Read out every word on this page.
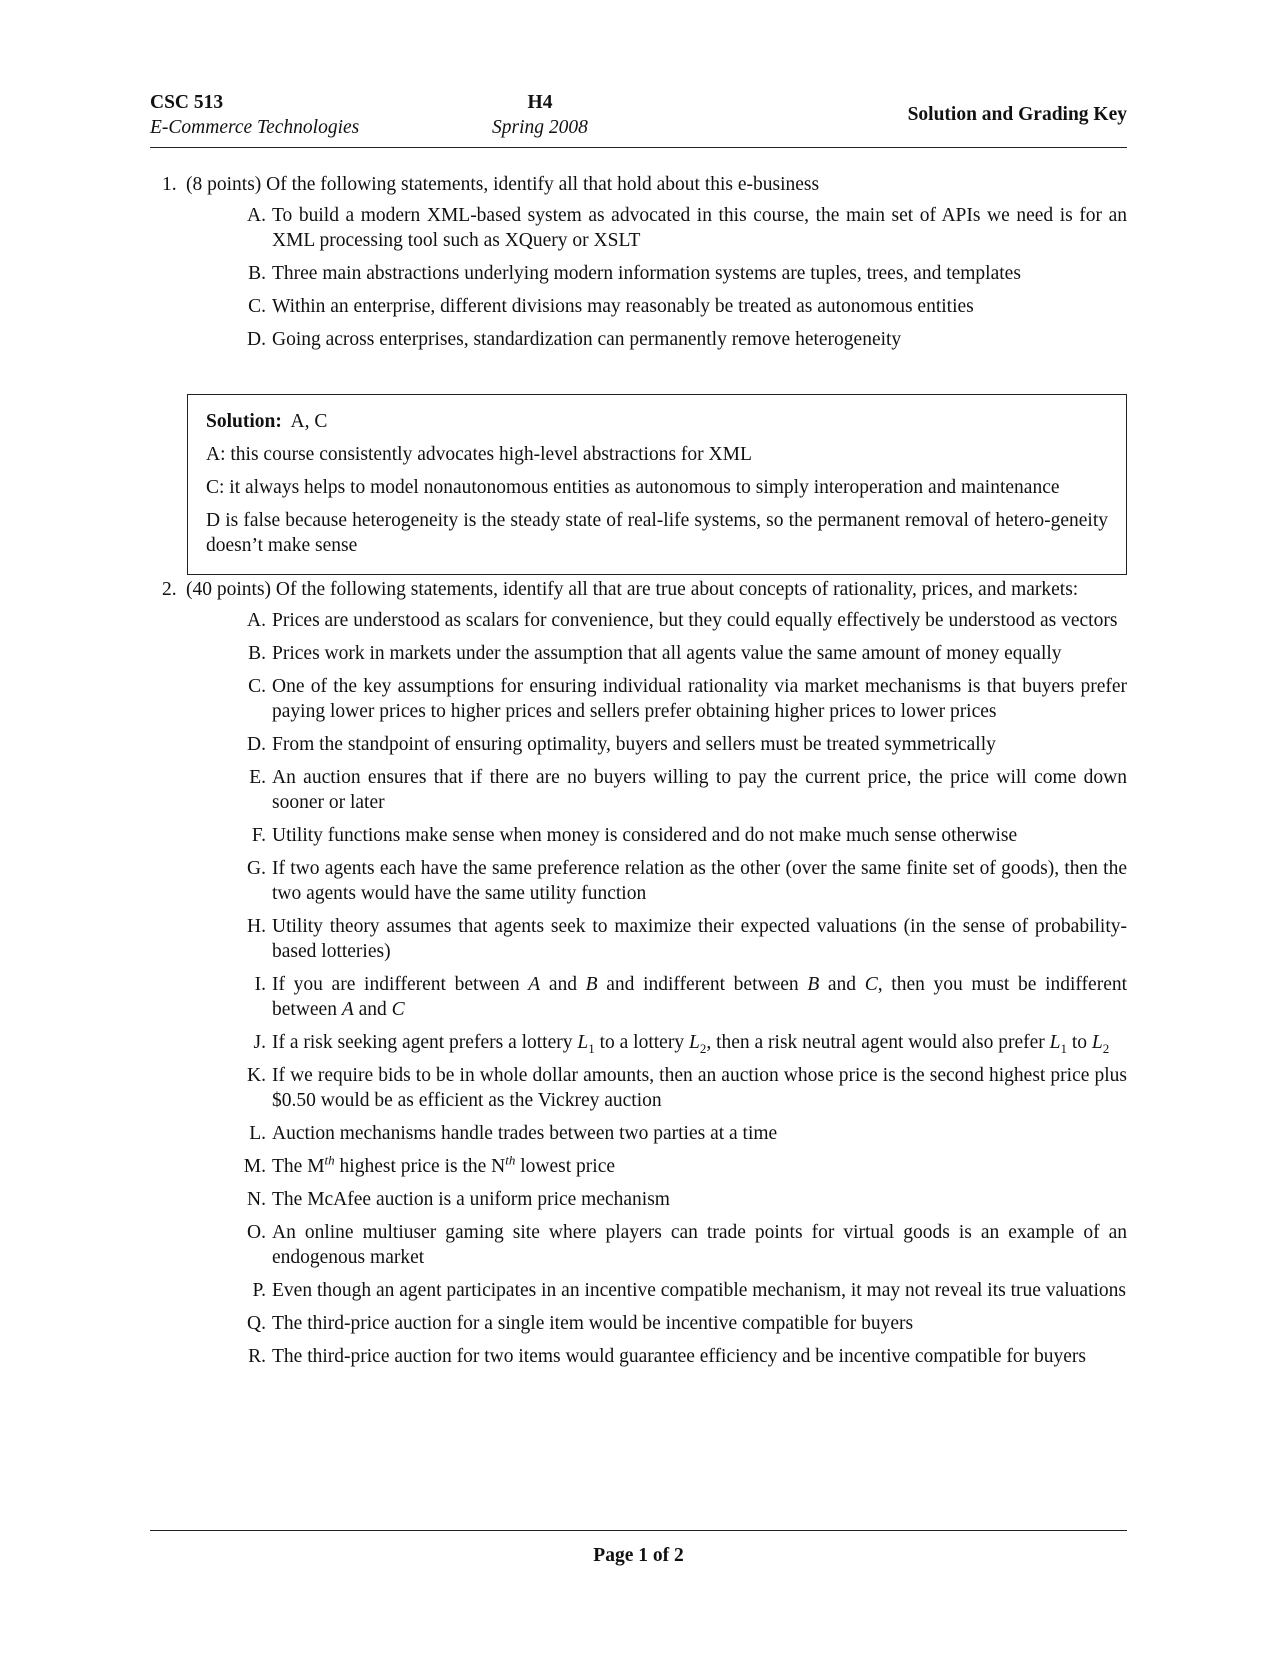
CSC 513
E-Commerce Technologies
H4
Spring 2008
Solution and Grading Key
1. (8 points) Of the following statements, identify all that hold about this e-business
A. To build a modern XML-based system as advocated in this course, the main set of APIs we need is for an XML processing tool such as XQuery or XSLT
B. Three main abstractions underlying modern information systems are tuples, trees, and templates
C. Within an enterprise, different divisions may reasonably be treated as autonomous entities
D. Going across enterprises, standardization can permanently remove heterogeneity
Solution: A, C
A: this course consistently advocates high-level abstractions for XML
C: it always helps to model nonautonomous entities as autonomous to simply interoperation and maintenance
D is false because heterogeneity is the steady state of real-life systems, so the permanent removal of hetero-geneity doesn’t make sense
2. (40 points) Of the following statements, identify all that are true about concepts of rationality, prices, and markets:
A. Prices are understood as scalars for convenience, but they could equally effectively be understood as vectors
B. Prices work in markets under the assumption that all agents value the same amount of money equally
C. One of the key assumptions for ensuring individual rationality via market mechanisms is that buyers prefer paying lower prices to higher prices and sellers prefer obtaining higher prices to lower prices
D. From the standpoint of ensuring optimality, buyers and sellers must be treated symmetrically
E. An auction ensures that if there are no buyers willing to pay the current price, the price will come down sooner or later
F. Utility functions make sense when money is considered and do not make much sense otherwise
G. If two agents each have the same preference relation as the other (over the same finite set of goods), then the two agents would have the same utility function
H. Utility theory assumes that agents seek to maximize their expected valuations (in the sense of probability-based lotteries)
I. If you are indifferent between A and B and indifferent between B and C, then you must be indifferent between A and C
J. If a risk seeking agent prefers a lottery $L_1$ to a lottery $L_2$, then a risk neutral agent would also prefer $L_1$ to $L_2$
K. If we require bids to be in whole dollar amounts, then an auction whose price is the second highest price plus $0.50 would be as efficient as the Vickrey auction
L. Auction mechanisms handle trades between two parties at a time
M. The Mth highest price is the $N^{th}$ lowest price
N. The McAfee auction is a uniform price mechanism
O. An online multiuser gaming site where players can trade points for virtual goods is an example of an endogenous market
P. Even though an agent participates in an incentive compatible mechanism, it may not reveal its true valuations
Q. The third-price auction for a single item would be incentive compatible for buyers
R. The third-price auction for two items would guarantee efficiency and be incentive compatible for buyers
Page 1 of 2
